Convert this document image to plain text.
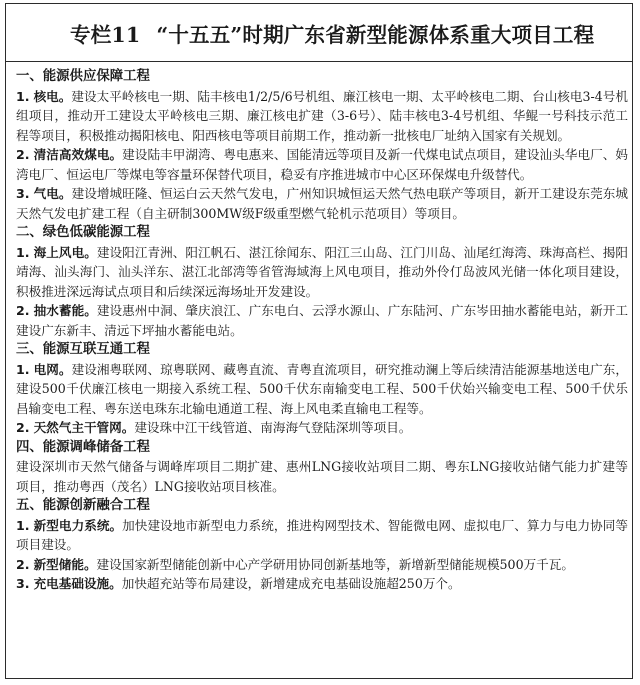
专栏11 “十五五”时期广东省新型能源体系重大项目工程
一、能源供应保障工程

1. 核电。建设太平岭核电一期、陆丰核电1/2/5/6号机组、廉江核电一期、太平岭核电二期、台山核电3-4号机组项目，推动开工建设太平岭核电三期、廉江核电扩建（3-6号）、陆丰核电3-4号机组、华鲲一号科技示范工程等项目，积极推动揭阳核电、阳西核电等项目前期工作，推动新一批核电厂址纳入国家有关规划。

2. 清洁高效煤电。建设陆丰甲湖湾、粤电惠来、国能清远等项目及新一代煤电试点项目，建设汕头华电厂、妈湾电厂、恒运电厂等煤电等容量环保替代项目，稳妥有序推进城市中心区环保煤电升级替代。

3. 气电。建设增城旺隆、恒运白云天然气发电，广州知识城恒运天然气热电联产等项目，新开工建设东莞东城天然气发电扩建工程（自主研制300MW级F级重型燃气轮机示范项目）等项目。

二、绿色低碳能源工程

1. 海上风电。建设阳江青洲、阳江帆石、湛江徐闻东、阳江三山岛、江门川岛、汕尾红海湾、珠海高栏、揭阳靖海、汕头海门、汕头洋东、湛江北部湾等省管海域海上风电项目，推动外伶仃岛波风光储一体化项目建设，积极推进深远海试点项目和后续深远海场址开发建设。

2. 抽水蓄能。建设惠州中洞、肇庆浪江、广东电白、云浮水源山、广东陆河、广东岑田抽水蓄能电站，新开工建设广东新丰、清远下坪抽水蓄能电站。

三、能源互联互通工程

1. 电网。建设湘粤联网、琼粤联网、藏粤直流、青粤直流项目，研究推动澜上等后续清洁能源基地送电广东，建设500千伏廉江核电一期接入系统工程、500千伏东南输变电工程、500千伏始兴输变电工程、500千伏乐昌输变电工程、粤东送电珠东北输电通道工程、海上风电柔直输电工程等。

2. 天然气主干管网。建设珠中江干线管道、南海海气登陆深圳等项目。

四、能源调峰储备工程

建设深圳市天然气储备与调峰库项目二期扩建、惠州LNG接收站项目二期、粤东LNG接收站储气能力扩建等项目，推动粤西（茂名）LNG接收站项目核准。

五、能源创新融合工程

1. 新型电力系统。加快建设地市新型电力系统，推进构网型技术、智能微电网、虚拟电厂、算力与电力协同等项目建设。

2. 新型储能。建设国家新型储能创新中心产学研用协同创新基地等，新增新型储能规模500万千瓦。

3. 充电基础设施。加快超充站等布局建设，新增建成充电基础设施超250万个。
